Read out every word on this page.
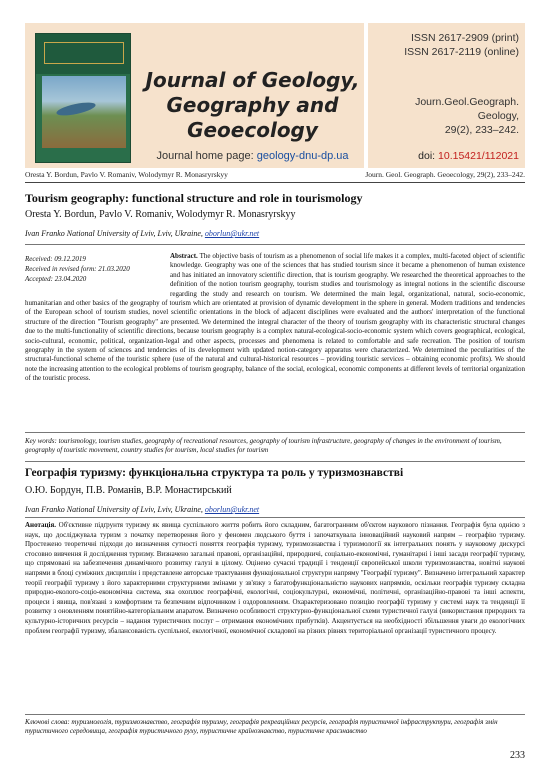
Journal of Geology,
Geography and
Geoecology
Journal home page: geology-dnu-dp.ua
ISSN 2617-2909 (print)
ISSN 2617-2119 (online)
Journ.Geol.Geograph.
Geology,
29(2), 233–242.
doi: 10.15421/112021
Oresta Y. Bordun, Pavlo V. Romaniv, Wolodymyr R. Monasryrskyy	Journ. Geol. Geograph. Geoecology, 29(2), 233–242.
Tourism geography: functional structure and role in tourismology
Oresta Y. Bordun, Pavlo V. Romaniv, Wolodymyr R. Monasryrskyy
Ivan Franko National University of Lviv, Lviv, Ukraine, oborlun@ukr.net
Received: 09.12.2019
Received in revised form: 21.03.2020
Accepted: 23.04.2020
Abstract. The objective basis of tourism as a phenomenon of social life makes it a complex, multi-faceted object of scientific knowledge. Geography was one of the sciences that has studied tourism since it became a phenomenon of human existence and has initiated an innovatory scientific direction, that is tourism geography. We researched the theoretical approaches to the definition of the notion tourism geography, tourism studies and tourismology as integral notions in the scientific discourse regarding the study and research on tourism. We determined the main legal, organizational, natural, socio-economic, humanitarian and other basics of the geography of tourism which are orientated at provision of dynamic development in the sphere in general. Modern traditions and tendencies of the European school of tourism studies, novel scientific orientations in the block of adjacent disciplines were evaluated and the authors' interpretation of the functional structure of the direction "Tourism geography" are presented. We determined the integral character of the theory of tourism geography with its characteristic structural changes due to the multi-functionality of scientific directions, because tourism geography is a complex natural-ecological-socio-economic system which covers geographical, ecological, socio-cultural, economic, political, organization-legal and other aspects, processes and phenomena is related to comfortable and safe recreation. The position of tourism geography in the system of sciences and tendencies of its development with updated notion-category apparatus were characterized. We determined the peculiarities of the structural-functional scheme of the touristic sphere (use of the natural and cultural-historical resources – providing touristic services – obtaining economic profits). We should note the increasing attention to the ecological problems of tourism geography, balance of the social, ecological, economic components at different levels of territorial organization of the touristic process.
Key words: tourismology, tourism studies, geography of recreational resources, geography of tourism infrastructure, geography of changes in the environment of tourism, geography of touristic movement, country studies for tourism, local studies for tourism
Географія туризму: функціональна структура та роль у туризмознавстві
О.Ю. Бордун, П.В. Романів, В.Р. Монастирський
Ivan Franko National University of Lviv, Lviv, Ukraine, oborlun@ukr.net
Анотація. Об'єктивне підґрунтя туризму як явища суспільного життя робить його складним, багатогранним об'єктом наукового пізнання. Географія була однією з наук, що досліджувала туризм з початку перетворення його у феномен людського буття і започаткувала інноваційний науковий напрям – географію туризму. Простежено теоретичні підходи до визначення сутності поняття географія туризму, туризмознавства і туризмології як інтегральних понять у науковому дискурсі стосовно вивчення й дослідження туризму. Визначено загальні правові, організаційні, природничі, соціально-економічні, гуманітарні і інші засади географії туризму, що спрямовані на забезпечення динамічного розвитку галузі в цілому. Оцінено сучасні традиції і тенденції європейської школи туризмознавства, новітні наукові напрями в блоці суміжних дисциплін і представлене авторське трактування функціональної структури напряму "Географії туризму". Визначено інтегральний характер теорії географії туризму з його характерними структурними змінами у зв'язку з багатофункціональністю наукових напрямків, оскільки географія туризму складна природно-еколого-соціо-економічна система, яка охоплює географічні, екологічні, соціокультурні, економічні, політичні, організаційно-правові та інші аспекти, процеси і явища, пов'язані з комфортним та безпечним відпочинком і оздоровленням. Охарактеризовано позицію географії туризму у системі наук та тенденції її розвитку з оновленням понятійно-категоріальним апаратом. Визначено особливості структурно-функціональної схеми туристичної галузі (використання природних та культурно-історичних ресурсів – надання туристичних послуг – отримання економічних прибутків). Акцентується на необхідності збільшення уваги до екологічних проблем географії туризму, збалансованість суспільної, екологічної, економічної складової на різних рівнях територіальної організації туристичного процесу.
Ключові слова: туризмологія, туризмознавство, географія туризму, географія рекреаційних ресурсів, географія туристичної інфраструктури, географія змін туристичного середовища, географія туристичного руху, туристичне країнознавство, туристичне краєзнавство
233
